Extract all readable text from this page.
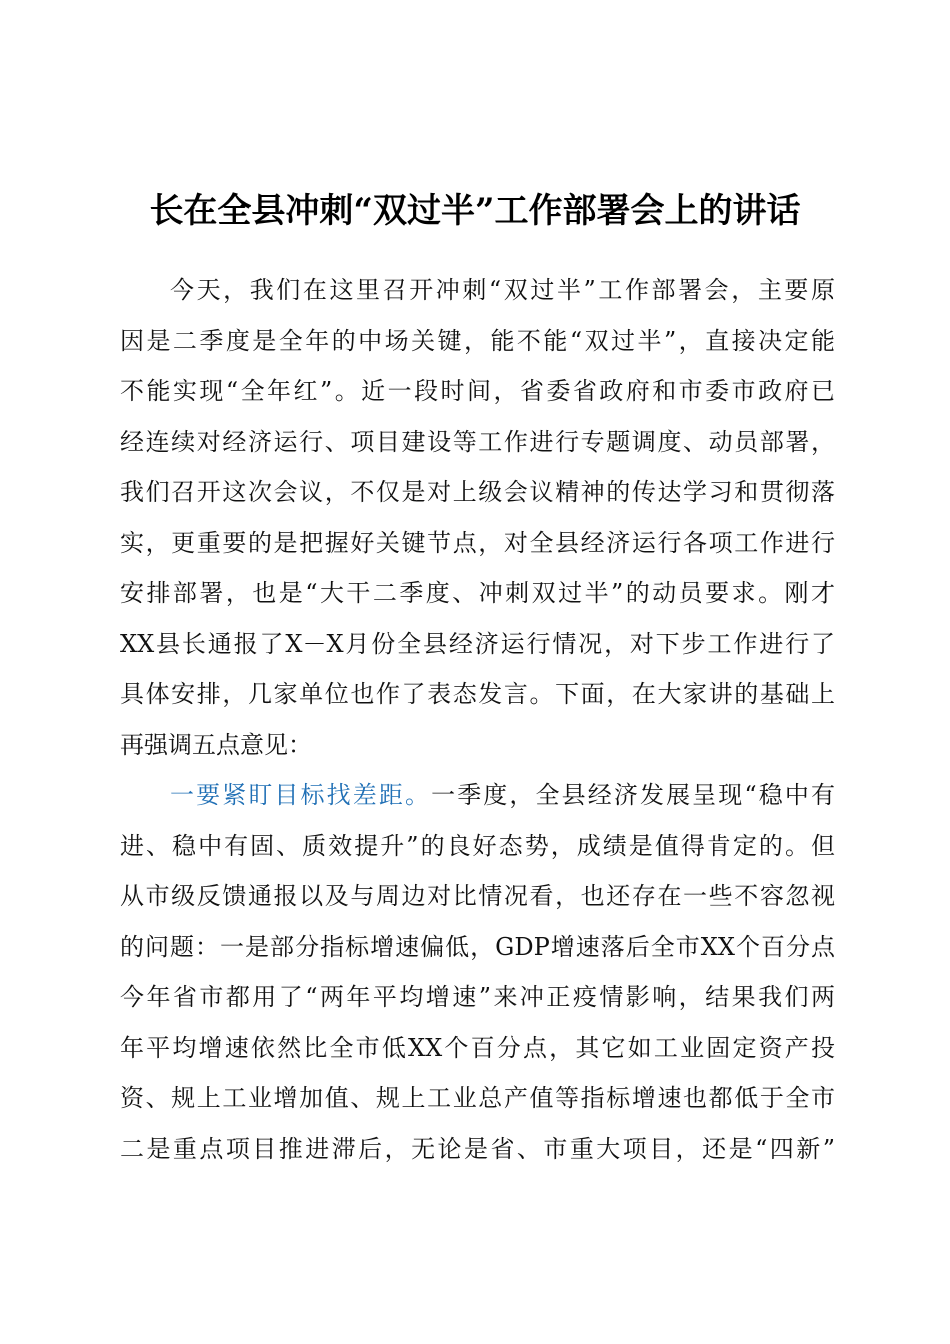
长在全县冲刺“双过半”工作部署会上的讲话
今天，我们在这里召开冲刺“双过半”工作部署会，主要原
因是二季度是全年的中场关键，能不能“双过半”，直接决定能
不能实现“全年红”。近一段时间，省委省政府和市委市政府已
经连续对经济运行、项目建设等工作进行专题调度、动员部署，
我们召开这次会议，不仅是对上级会议精神的传达学习和贯彻落
实，更重要的是把握好关键节点，对全县经济运行各项工作进行
安排部署，也是“大干二季度、冲刺双过半”的动员要求。刚才
XX县长通报了X－X月份全县经济运行情况，对下步工作进行了
具体安排，几家单位也作了表态发言。下面，在大家讲的基础上
再强调五点意见：
一要紧盯目标找差距。一季度，全县经济发展呈现“稳中有
进、稳中有固、质效提升”的良好态势，成绩是值得肯定的。但
从市级反馈通报以及与周边对比情况看，也还存在一些不容忽视
的问题：一是部分指标增速偏低，GDP增速落后全市XX个百分点
今年省市都用了“两年平均增速”来冲正疫情影响，结果我们两
年平均增速依然比全市低XX个百分点，其它如工业固定资产投
资、规上工业增加值、规上工业总产值等指标增速也都低于全市
二是重点项目推进滞后，无论是省、市重大项目，还是“四新”
